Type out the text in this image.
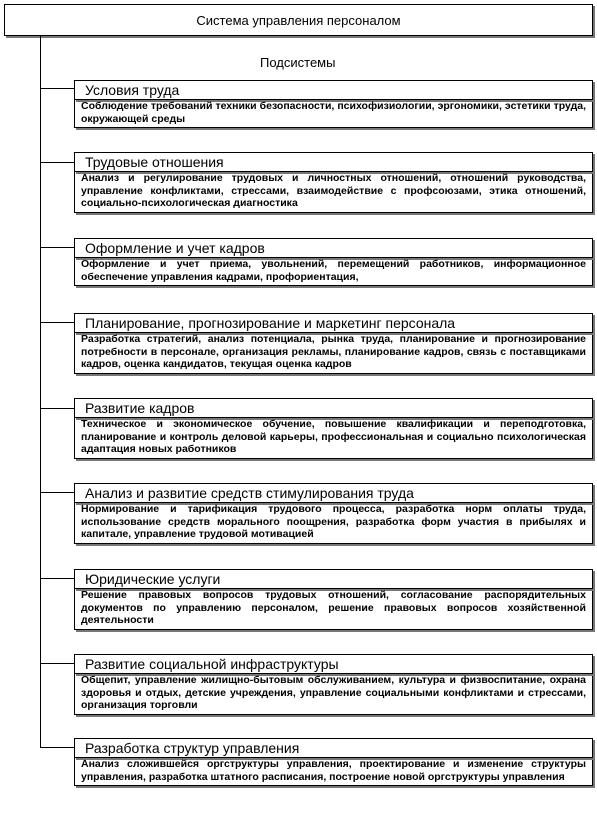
Система управления персоналом
Подсистемы
Условия труда
Соблюдение требований техники безопасности, психофизиологии, эргономики, эстетики труда, окружающей среды
Трудовые отношения
Анализ и регулирование трудовых и личностных отношений, отношений руководства, управление конфликтами, стрессами, взаимодействие с профсоюзами, этика отношений, социально-психологическая диагностика
Оформление и учет кадров
Оформление и учет приема, увольнений, перемещений работников, информационное обеспечение управления кадрами, профориентация,
Планирование, прогнозирование и маркетинг персонала
Разработка стратегий, анализ потенциала, рынка труда, планирование и прогнозирование потребности в персонале, организация рекламы, планирование кадров, связь с поставщиками кадров, оценка кандидатов, текущая оценка кадров
Развитие кадров
Техническое и экономическое обучение, повышение квалификации и переподготовка, планирование и контроль деловой карьеры, профессиональная и социально психологическая адаптация новых работников
Анализ и развитие средств стимулирования труда
Нормирование и тарификация трудового процесса, разработка норм оплаты труда, использование средств морального поощрения, разработка форм участия в прибылях и капитале, управление трудовой мотивацией
Юридические услуги
Решение правовых вопросов трудовых отношений, согласование распорядительных документов по управлению персоналом, решение правовых вопросов хозяйственной деятельности
Развитие социальной инфраструктуры
Общепит, управление жилищно-бытовым обслуживанием, культура и физвоспитание, охрана здоровья и отдых, детские учреждения, управление социальными конфликтами и стрессами, организация торговли
Разработка структур управления
Анализ сложившейся оргструктуры управления, проектирование и изменение структуры управления, разработка штатного расписания, построение новой оргструктуры управления
